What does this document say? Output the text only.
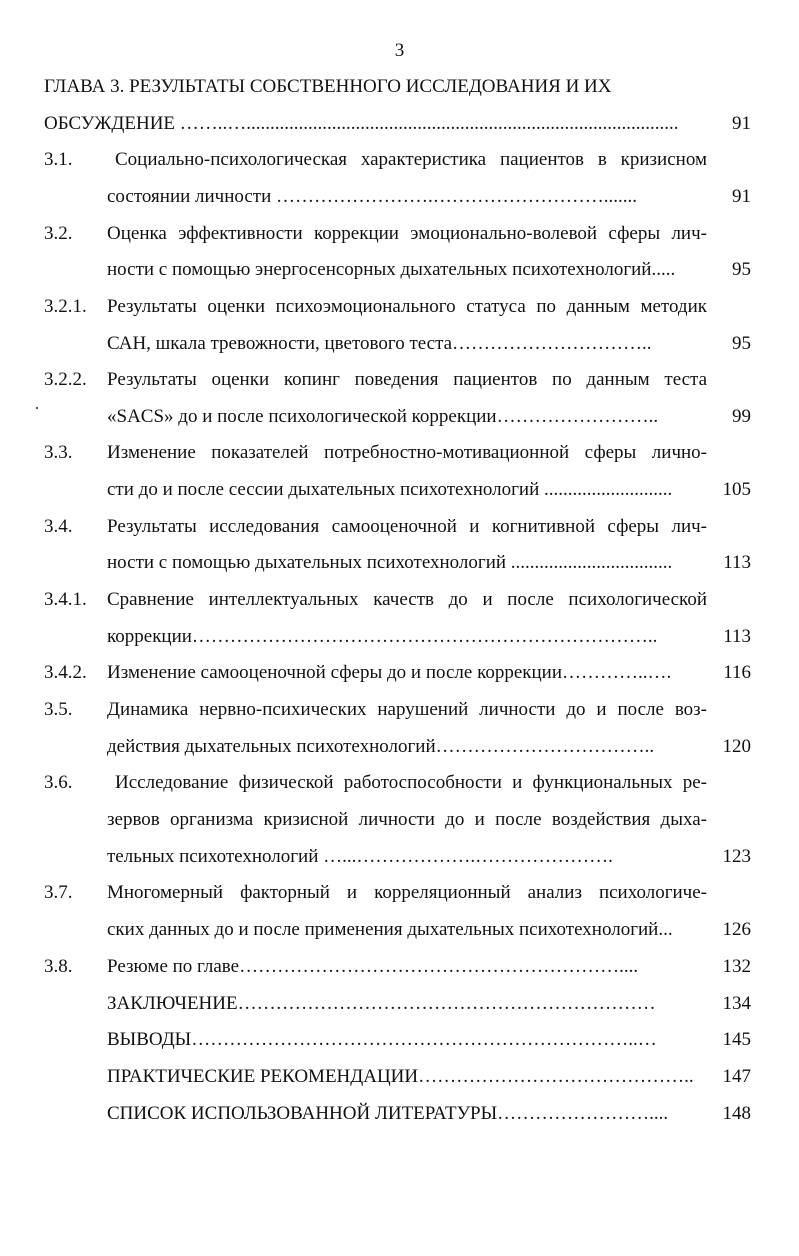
3
ГЛАВА 3. РЕЗУЛЬТАТЫ СОБСТВЕННОГО ИССЛЕДОВАНИЯ И ИХ
ОБСУЖДЕНИЕ ……..…...........................................................................................	91
3.1. Социально-психологическая характеристика пациентов в кризисном
состоянии личности …………………….……………………….......	91
3.2. Оценка эффективности коррекции эмоционально-волевой сферы лич-
ности с помощью энергосенсорных дыхательных психотехнологий.....	95
3.2.1. Результаты оценки психоэмоционального статуса по данным методик
САН, шкала тревожности, цветового теста…………………………..	95
3.2.2. Результаты оценки копинг поведения пациентов по данным теста
«SACS» до и после психологической коррекции……………………..	99
3.3. Изменение показателей потребностно-мотивационной сферы лично-
сти до и после сессии дыхательных психотехнологий ...........................	105
3.4. Результаты исследования самооценочной и когнитивной сферы лич-
ности с помощью дыхательных психотехнологий ..................................	113
3.4.1. Сравнение интеллектуальных качеств до и после психологической
коррекции………………………………………………………………..	113
3.4.2. Изменение самооценочной сферы до и после коррекции…………..….	116
3.5. Динамика нервно-психических нарушений личности до и после воз-
действия дыхательных психотехнологий……………………………..	120
3.6. Исследование физической работоспособности и функциональных ре-
зервов организма кризисной личности до и после воздействия дыха-
тельных психотехнологий …...……………….………………….	123
3.7. Многомерный факторный и корреляционный анализ психологиче-
ских данных до и после применения дыхательных психотехнологий...	126
3.8. Резюме по главе……………………………………………………....	132
ЗАКЛЮЧЕНИЕ…………………………………………………………	134
ВЫВОДЫ……………………………………………………………..…	145
ПРАКТИЧЕСКИЕ РЕКОМЕНДАЦИИ……………………………………..	147
СПИСОК ИСПОЛЬЗОВАННОЙ ЛИТЕРАТУРЫ……………………....	148
